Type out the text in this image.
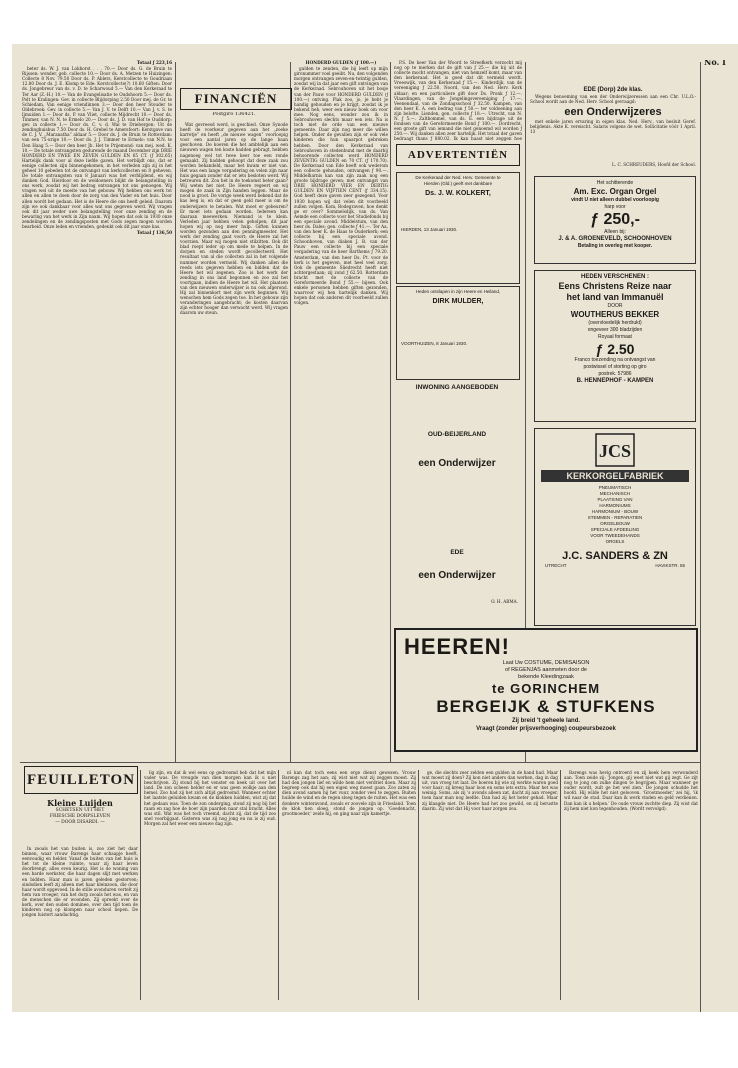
Totaal ƒ 223,16

beter ds. W. J. van Lokhorst . . . 70.— Door ds. G. de Bruin te Rijssen: wonder, geb. collecte 10.— Door ds. A. Metzen te Huizingen: Collecte 8 Nov. 79.50 Door ds. P. Ablers, Kerstcollecte te Goudriaan 12.80 Door ds. J. E. Klomp te Ede: Kerstcollecte(?) 10.60 Giften: Door ds. Jongebreur van ds. v. D. te Scharwoud 5.— Van den Kerkeraad te Ter Aar (Z.-H.) 10.— Van de Evangelisatie te Oudshoorn 5.— Door ds. Polt te Kralingen: Gev. in collecte Blijdorping 2.50 Door mej. de Gr. te Schiedam, Van eenige vriendinnen 3.— Door den heer Stouder te Oldebroek: Gev. in collecte 5.— Van J. V. te Delft 10.— Van J. v. S. te Ijmuiden 1.— Door ds. P. van Vliet, collecte Mijdrecht 10.— Door ds. Timmer, van N. N. te Ermelo 20.— Door ds. J. D. van Hof te Ouddorp: gev. in collecte 1.— Door ds. C. v. d. Wal te Driebergen: Uit de zendinghuisbus 7.50 Door ds. H. Grebel te Amersfoort: Kerstgave van de C. J. V. „Maranatha” aldaar 5.— Door ds. J. de Bruin te Rotterdam: van een 75-urige 10.— Door ds. J. J. Timmer te Ermelo: van N.N. te Den Haag 5.— Door den heer Jb. Het te Prijemond: van mej. wed. K. 10.— De totale ontvangsten gedurende de maand December zijn DRIE HONDERD EN TWEE EN ZEVEN GULDEN EN 65 CT. (ƒ 302.65) Hartelijk dank voor al deze liefde gaven. Het verblijdt ons, dat er eenige collecten zijn binnengekomen, in het verleden zijn zij in het geheel 10 gebeden tot de ontvangst van kerkcollecten en 8 geheven. De totale ontvangsten van 8 Januari was het verblijdend, en wij danken God. Hierdoor en de weldoeners blijkt de belangstelling in ons werk, zoodat wij het bedrag ontvangen tot ons genoegen. Wij vragen wel uit de moeite van het gebouw. Wij hebben ons werk tot allen en allen te doen door de zorg van den Vader en het huis. Door allen wordt het gedaan. Het is de Heere die ons heeft geleid. Daarom zijn we ook dankbaar voor alles wat ons gegeven werd. Wij vragen ook dit jaar weder uwe belangstelling voor onze zending en de bewaring van het werk in Zijn naam. Wij hopen dat ook in 1930 onze zendelingen en de zendingsposten met Gods zegen mogen worden bearbeid. Onze leden en vrienden, gedenkt ook dit jaar onze kas.

Totaal ƒ 136,50

FINANCIËN
Postgiro 136421.

Wat gevreesd werd, is geschied. Onze Synode heeft de voorkeur gegeven aan het „zoeke karretje” en heeft „de nieuwe wagen” voorloopig voor een aantal jaren op de lange baan geschoven. De koeren die het ambtelijk aan een nieuwen wagen ten koste hadden gebragt, hebben nagenoeg wel tot twee keer toe een ronde gemaakt. Zij hadden gehoopt dat deze zaak zou worden behandeld, maar het kwam er niet van. Het was een lange vergadering en velen zijn naar huis gegaan zonder dat er iets besloten werd. Wij betreuren dit. Zou het in de toekomst beter gaan? Wij weten het niet. De Heere regeert en wij mogen de zaak in Zijn handen leggen. Maar de nood is groot. De vorige week werd bekend dat de kas leeg is, en dat er geen geld meer is om de onderwijzers te betalen. Wat moet er gebeuren? Er moet iets gedaan worden. Iedereen kan daaraan meewerken. Niemand is te klein. Verleden jaar hebben velen geholpen; dit jaar hopen wij op nog meer hulp. Giften kunnen worden gezonden aan den penningmeester. Het werk der zending gaat voort; de Heere zal het voorzien. Maar wij mogen niet stilzitten. Ook dit blad roept ieder op om mede te helpen. In de dorpen en steden wordt gecollecteerd. Het resultaat van al die collecten zal in het volgende nummer worden vermeld. Wij danken allen die reeds iets gegeven hebben en bidden dat de Heere het wil zegenen. Zoo is het werk der zending in ons land begonnen en zoo zal het voortgaan, indien de Heere het wil. Het plaatsen van den nieuwen onderwijzer is nu ook afgerond. Hij zal binnenkort met zijn werk beginnen. Wij wenschen hem Gods zegen toe. In het gebouw zijn veranderingen aangebracht; de kosten daarvan zijn echter hooger dan verwacht werd. Wij vragen daarom uw steun.

HONDERD GULDEN (ƒ 100.—)

gulden te zenden, die bij leeft op mijn gironummer voel geeibt. Nu, den volgenden morgen ontvangen zeven-en-twintig gulden, zoodat wij in dat jaar een gift ontvingen van de Kerkeraad. Sebrouhoven uit het bosje van der Pauw voor HONDERD GULDEN (ƒ 100.—) ontving. Plak zoo, jo, je hebt je handig gehouden en je krijgt, zoodat ik je bekend heb, weer een nieuw boek om voor mee. Nog eens, wonder zou ik in Sebrouhoven slechts maar een iets. Na is toch niet de orde van een nieuwe gemeente. Daar zijn nog meer die willen helpen. Onder de gevallen zijn er ook vele kinderen die hun spaarpot gebroken hebben. Door den Kerkeraad van Sebrouhoven in stedenbund met de daarbij behoorende collecten werd HONDERD ZEVENTIG GULDEN en 70 CT. (ƒ 170.70). De Kerkeraad van Ede heeft ook wederom een collecte gehouden, ontvangen ƒ 90.—. Middelharnis kan van zijn zaak nog een groote bijdrage geven; met ontvangst van DRIE HONDERD VIER EN DERTIG GULDEN EN VIJFTIEN CENT (ƒ 334.15). God heeft deze gaven zeer gezegend. Voor 1930 hopen wij dat velen dit voorbeeld zullen volgen. Kom, Bodegraven, hoe denkt ge er over? Sommelsdijk, van ds. Van Aemde een collecte voor het Studiefonds bij een speciale avond. Middelstum, van den heer ds. Dales; gen. collecte ƒ 41.—. Ter Aa, van den heer K. de Haas te Ouderkerk; een collecte bij een speciale avond. Schoonhoven, van diaken J. B. van der Pauw een collecte bij een speciale vergadering van de heer Barthems ƒ 79.20. Amsterdam, van den heer Ds. Pt. voor de kerk is het gegeven, met heel veel zorg. Ook de gemeente Sliedrecht heeft niet achtergestaan; zij zond ƒ 62.50. Rotterdam bracht met de collecte van de Gereformeerde Bond ƒ 55.— bijeen. Ook enkele personen hebben giften gezonden, waarvoor wij hen hartelijk danken. Wij hopen dat ook anderen dit voorbeeld zullen volgen.

P.S. De heer Van der Woord te Streefkerk verzocht mij nog op te merken dat de gift van ƒ 25.— die hij uit de collecte mocht ontvangen, niet van hemzelf komt, maar van den kerkeraad. Het is goed dat dit vermeld wordt. Vreeswijk, van den Kerkeraad ƒ 15.—. Kinderdijk, van de vereeniging ƒ 22.50. Noord, van den Ned. Herv. Kerk aldaar; en een particuliere gift door Ds. Pronk ƒ 12.—. Vlaardingen, van de Jongelingsvereeniging ƒ 17.—. Veenendaal, van de Zondagsschool ƒ 32.50. Kampen, van den heer K. A. een bedrag van ƒ 50.— ter voldoening aan zijn belofte. Lienden, gen. collecte ƒ 18.—. Utrecht, van N. N. ƒ 5.—. Zaltbommel, van ds. E. een bijdrage uit de fondsen van de Gereformeerde Bond ƒ 100.—. Dordrecht, een groote gift van iemand die niet genoemd wil worden ƒ 250.—. Wij danken allen zeer hartelijk. Het totaal der gaven bedraagt thans ƒ 880.02. Ik kan haast niet zeggen hoe

ADVERTENTIËN
De Kerkeraad der Ned. Herv. Gemeente te
Hierden (Gld.) geeft met dankbare
Ds. J. W. KOLKERT,
HIERDEN, 13 Januari 1930.
Heden ontslapen in zijn Heere en Heiland,
DIRK MULDER,
VOORTHUIZEN, 8 Januari 1930.
INWONING AANGEBODEN
OUD-BEIJERLAND
een Onderwijzer
EDE
een Onderwijzer
O. H. ABMA.
HEEREN!
Laat Uw COSTUME, DEMISAISON
of REGENJAS aanmeten door de
bekende Kleedingzaak
te GORINCHEM
BERGEIJK & STUFKENS
Zij breid 't geheele land.
Vraagt (zonder prijsverhooging) coupeursbezoek
EDE (Dorp) 2de klas.

Wegens benoeming van een der Onderwijzeressen aan een Chr. U.L.O.-School wordt aan de Ned. Herv. School gevraagd:

een Onderwijzeres

met enkele jaren ervaring in eigen klas. Ned. Herv., van besluit Geref. belijdenis. Akte K. vereischt. Salaris volgens de wet. Sollicitatie vóór 1 April. 13

L. C. SCHREUDERS, Hoofd der School.
Het schitterende
Am. Exc. Organ Orgel
vindt U niet alleen dubbel voorloopig
harp voor
ƒ 250,-
Alleen bij:
J. & A. GROENEVELD, SCHOONHOVEN
Betaling in overleg met kooper.
HEDEN VERSCHENEN :
Eens Christens Reize naar
het land van Immanuël
DOOR
WOUTHERUS BEKKER
(overvloedelijk herdrukt)
ongeveer 300 bladzijden
Royaal formaat
ƒ 2.50
Franco toezending na ontvangst van
postwissel of storting op giro
postrek. 57986
B. HENNEPHOF - KAMPEN
JCS
KERKORGELFABRIEK
PNEUMATISCH
MECHANISCH
PLAATSING VAN
HARMONIUMS
HARMONIUM - BOUW
STEMMEN - REPARATIEN
ORGELBOUW
SPECIALE AFDEELING
VOOR TWEEDEHANDS
ORGELS
J.C. SANDERS & ZN
UTRECHT	HAVIKSTR. 55
No. I
FEUILLETON
Kleine Luijden
SCHETSEN UIT HET
FRIESCHE DORPSLEVEN
— DOOR DISARDI. —

In zooals het van buiten is, zoo ziet het daar binnen, waar vrouw Barengs haar schaapje heeft, eenvoudig en helder. Vanaf de buiten van het huis is het tot de kleine ruimte, waar zij haar leven doorbrengt, alles even keurig. Het is de woning van een harde werkster, die haar dagen slijt met werken en bidden. Haar man is jaren geleden gestorven; sindsdien leeft zij alleen met haar kleinzoon, die door haar wordt opgevoed. In de stille avonduren vertelt zij hem van vroeger, van het dorp zooals het was, en van de menschen die er woonden. Zij spreekt over de kerk, over den ouden dominee, over den tijd toen de kinderen nog op klompen naar school liepen. De jongen luistert aandachtig.

lig zijn, en dat ik wel eens op gedroomd heb dat het mijn vader was. De vreugde van dien morgen kan ik u niet beschrijven. Zij stond bij het venster en keek uit over het land. De zon scheen helder en er was geen wolkje aan den hemel. Zoo had zij het zich altijd gedroomd. Wanneer echter het laatste geluiden kwam en de klokken luidden, wist zij dat het gedaan was. Toen de zon onderging, stond zij nog bij het raam en zag hoe de boer zijn paarden naar stal bracht. Alles was stil. Wat was het toch vreemd, dacht zij, dat de tijd zoo snel voorbijgaat. Gisteren was zij nog jong en nu is zij oud. Morgen zal het weer een nieuwe dag zijn.

nl kan dat toch eens een erge dienst gewezen. Vrouw Barengs zag het aan; zij wist niet wat zij zeggen moest. Zij had den jongen lief en wilde hem niet verdriet doen. Maar zij begreep ook dat hij een eigen weg moest gaan. Zoo zaten zij dien avond samen bij het vuur, zonder veel te zeggen. Buiten huilde de wind en de regen sloeg tegen de ruiten. Het was een donkere winteravond, zooals er zoovele zijn in Friesland. Toen de klok tien sloeg, stond de jongen op. 'Goedenacht, grootmoeder,' zeide hij, en ging naar zijn kamertje.

ge, die slechts zeer zelden een gulden in de hand had. Maar wat moest zij doen? Zij kon niet anders dan werken, dag in dag uit, van vroeg tot laat. De boeren bij wie zij werkte waren goed voor haar; zij kreeg haar loon en soms iets extra. Maar het was weinig. Soms, als zij 's avonds alleen zat, dacht zij aan vroeger, toen haar man nog leefde. Dan had zij het beter gehad. Maar zij klaagde niet. De Heere had het zoo gewild, en zij berustte daarin. Zij wist dat Hij voor haar zorgen zou.

Barengs was hevig ontroerd en zij keek hem verwonderd aan. Toen zeide zij: 'Jongen, gij weet niet wat gij zegt. Ge zijt nog te jong om zulke dingen te begrijpen. Maar wanneer ge ouder wordt, zult ge het wel zien.' De jongen schudde het hoofd. Hij wilde het niet gelooven. 'Grootmoeder,' zei hij, 'ik wil naar de stad. Daar kan ik werk vinden en geld verdienen. Dan kan ik u helpen.' De oude vrouw zuchtte diep. Zij wist dat zij hem niet kon tegenhouden. (Wordt vervolgd).
